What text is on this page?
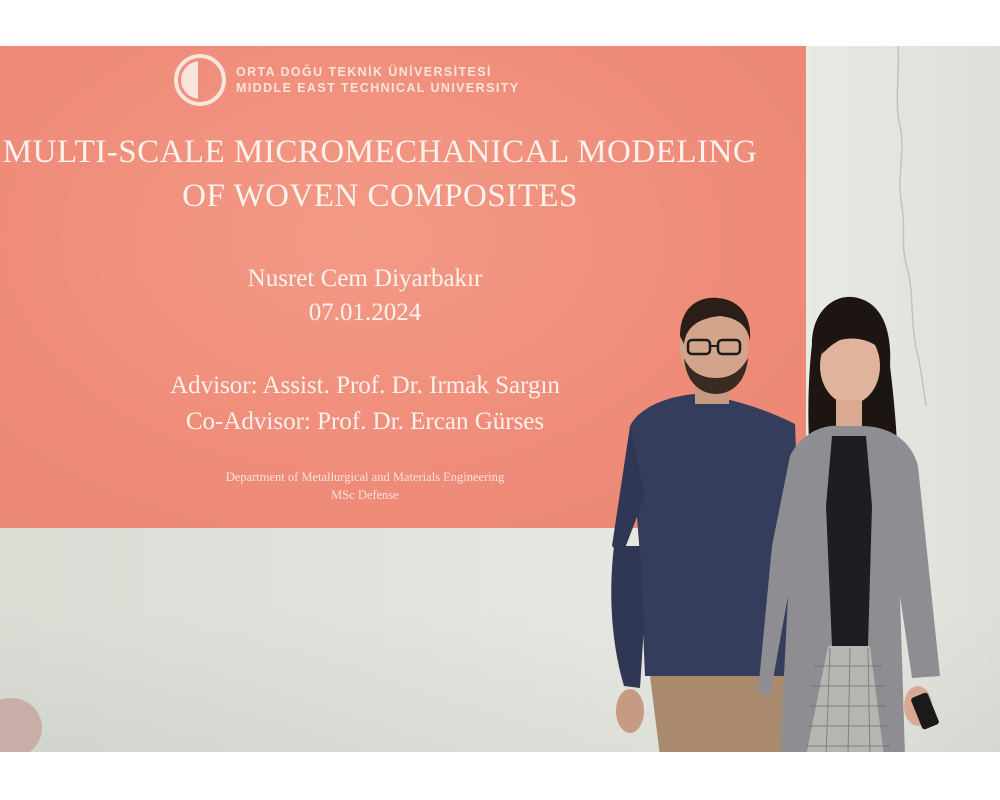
ORTA DOĞU TEKNİK ÜNİVERSİTESİ
MIDDLE EAST TECHNICAL UNIVERSITY
MULTI-SCALE MICROMECHANICAL MODELING
OF WOVEN COMPOSITES
Nusret Cem Diyarbakır
07.01.2024
Advisor: Assist. Prof. Dr. Irmak Sargın
Co-Advisor: Prof. Dr. Ercan Gürses
Department of Metallurgical and Materials Engineering
MSc Defense
